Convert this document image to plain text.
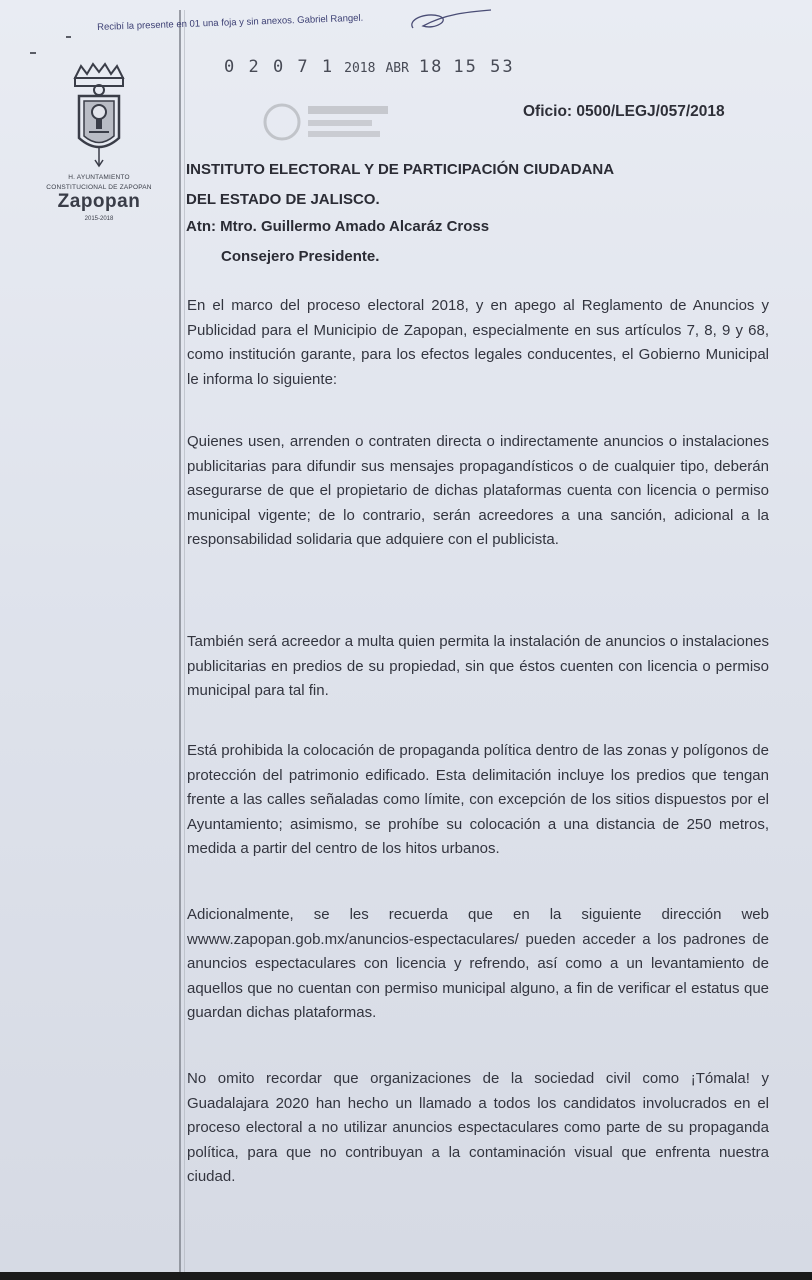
Recibí la presente en 01 una foja y sin anexos. Gabriel Rangel.
0 2 0 7 1 2018 ABR 18 15 53
Oficio: 0500/LEGJ/057/2018
H. AYUNTAMIENTO
CONSTITUCIONAL DE ZAPOPAN
Zapopan
2015-2018
INSTITUTO ELECTORAL Y DE PARTICIPACIÓN CIUDADANA
DEL ESTADO DE JALISCO.
Atn: Mtro. Guillermo Amado Alcaráz Cross
Consejero Presidente.

En el marco del proceso electoral 2018, y en apego al Reglamento de Anuncios y Publicidad para el Municipio de Zapopan, especialmente en sus artículos 7, 8, 9 y 68, como institución garante, para los efectos legales conducentes, el Gobierno Municipal le informa lo siguiente:

Quienes usen, arrenden o contraten directa o indirectamente anuncios o instalaciones publicitarias para difundir sus mensajes propagandísticos o de cualquier tipo, deberán asegurarse de que el propietario de dichas plataformas cuenta con licencia o permiso municipal vigente; de lo contrario, serán acreedores a una sanción, adicional a la responsabilidad solidaria que adquiere con el publicista.

También será acreedor a multa quien permita la instalación de anuncios o instalaciones publicitarias en predios de su propiedad, sin que éstos cuenten con licencia o permiso municipal para tal fin.

Está prohibida la colocación de propaganda política dentro de las zonas y polígonos de protección del patrimonio edificado. Esta delimitación incluye los predios que tengan frente a las calles señaladas como límite, con excepción de los sitios dispuestos por el Ayuntamiento; asimismo, se prohíbe su colocación a una distancia de 250 metros, medida a partir del centro de los hitos urbanos.

Adicionalmente, se les recuerda que en la siguiente dirección web wwww.zapopan.gob.mx/anuncios-espectaculares/ pueden acceder a los padrones de anuncios espectaculares con licencia y refrendo, así como a un levantamiento de aquellos que no cuentan con permiso municipal alguno, a fin de verificar el estatus que guardan dichas plataformas.

No omito recordar que organizaciones de la sociedad civil como ¡Tómala! y Guadalajara 2020 han hecho un llamado a todos los candidatos involucrados en el proceso electoral a no utilizar anuncios espectaculares como parte de su propaganda política, para que no contribuyan a la contaminación visual que enfrenta nuestra ciudad.
